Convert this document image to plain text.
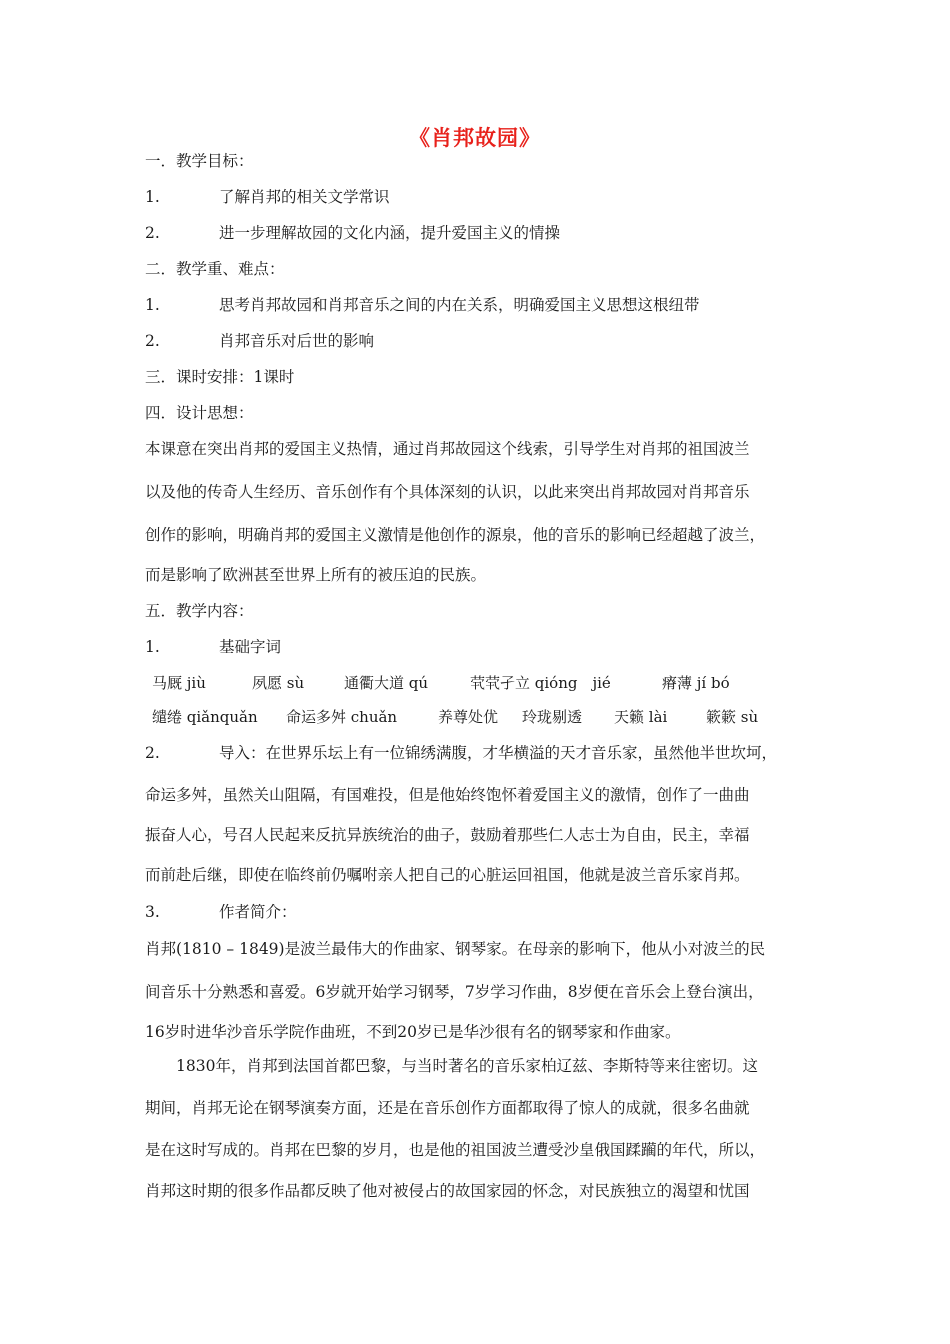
《肖邦故园》
一．教学目标：
1.	了解肖邦的相关文学常识
2.	进一步理解故园的文化内涵，提升爱国主义的情操
二．教学重、难点：
1.	思考肖邦故园和肖邦音乐之间的内在关系，明确爱国主义思想这根纽带
2.	肖邦音乐对后世的影响
三．课时安排：1课时
四．设计思想：
本课意在突出肖邦的爱国主义热情，通过肖邦故园这个线索，引导学生对肖邦的祖国波兰
以及他的传奇人生经历、音乐创作有个具体深刻的认识，以此来突出肖邦故园对肖邦音乐
创作的影响，明确肖邦的爱国主义激情是他创作的源泉，他的音乐的影响已经超越了波兰，
而是影响了欧洲甚至世界上所有的被压迫的民族。
五．教学内容：
1.	基础字词
马厩 jiù	夙愿 sù	通衢大道 qú	茕茕孑立 qióng　jié	瘠薄 jí bó
缱绻 qiǎnquǎn 命运多舛 chuǎn	养尊处优 玲珑剔透 天籁 lài	簌簌 sù
2.	导入：在世界乐坛上有一位锦绣满腹，才华横溢的天才音乐家，虽然他半世坎坷，
命运多舛，虽然关山阻隔，有国难投，但是他始终饱怀着爱国主义的激情，创作了一曲曲
振奋人心，号召人民起来反抗异族统治的曲子，鼓励着那些仁人志士为自由，民主，幸福
而前赴后继，即使在临终前仍嘱咐亲人把自己的心脏运回祖国，他就是波兰音乐家肖邦。
3.	作者简介：
肖邦(1810 – 1849)是波兰最伟大的作曲家、钢琴家。在母亲的影响下，他从小对波兰的民
间音乐十分熟悉和喜爱。6岁就开始学习钢琴，7岁学习作曲，8岁便在音乐会上登台演出，
16岁时进华沙音乐学院作曲班，不到20岁已是华沙很有名的钢琴家和作曲家。
　　1830年，肖邦到法国首都巴黎，与当时著名的音乐家柏辽兹、李斯特等来往密切。这
期间，肖邦无论在钢琴演奏方面，还是在音乐创作方面都取得了惊人的成就，很多名曲就
是在这时写成的。肖邦在巴黎的岁月，也是他的祖国波兰遭受沙皇俄国蹂躏的年代，所以，
肖邦这时期的很多作品都反映了他对被侵占的故国家园的怀念，对民族独立的渴望和忧国
